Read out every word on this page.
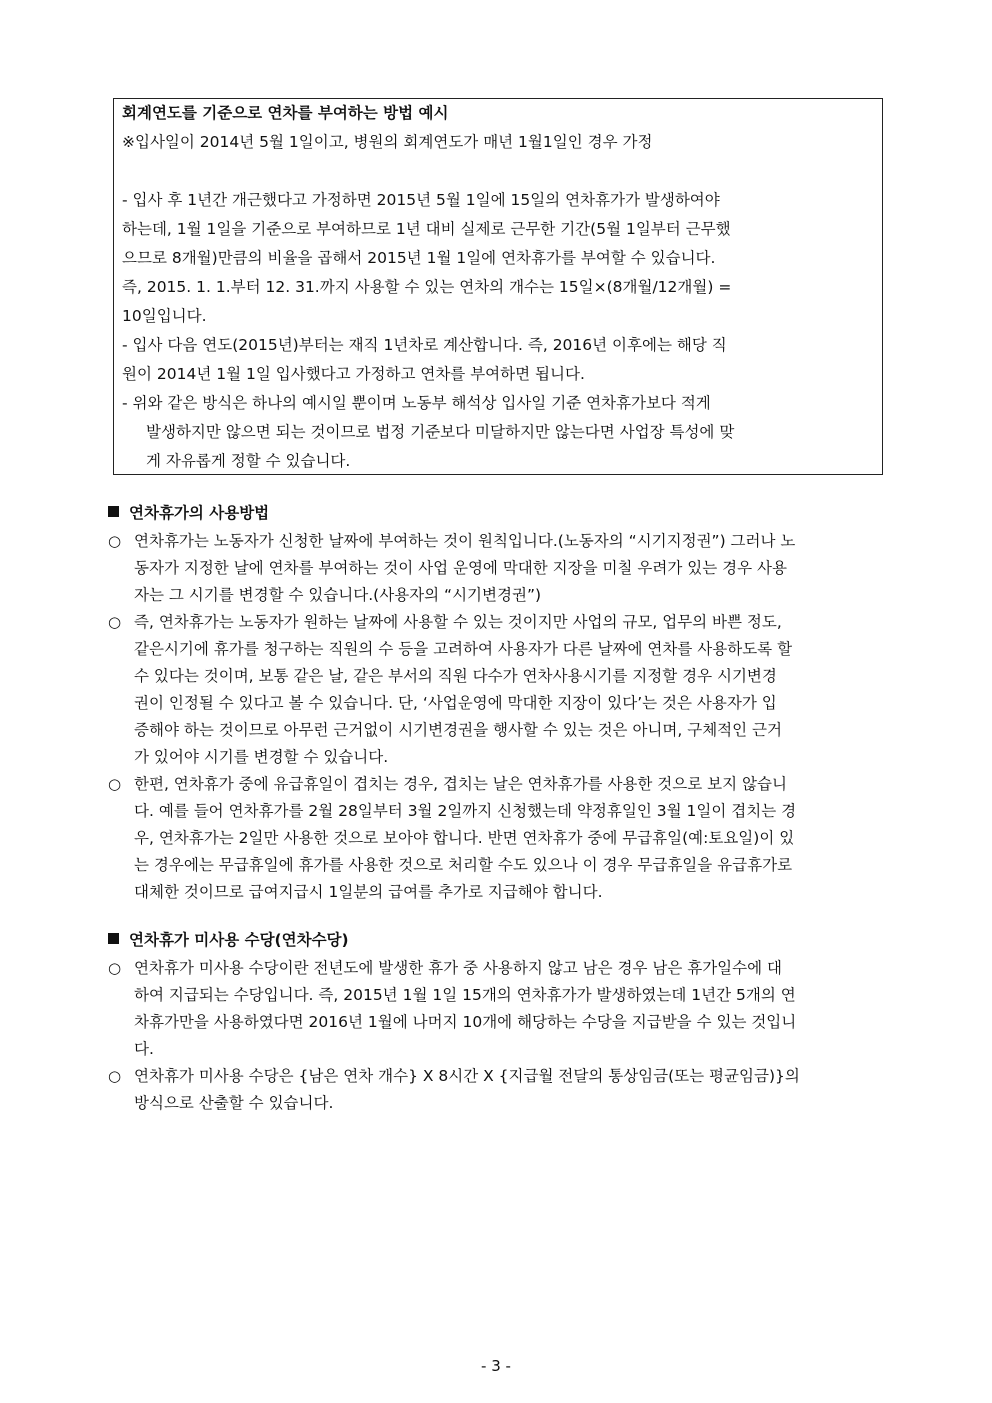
회계연도를 기준으로 연차를 부여하는 방법 예시
※입사일이 2014년 5월 1일이고, 병원의 회계연도가 매년 1월1일인 경우 가정

- 입사 후 1년간 개근했다고 가정하면 2015년 5월 1일에 15일의 연차휴가가 발생하여야
하는데, 1월 1일을 기준으로 부여하므로 1년 대비 실제로 근무한 기간(5월 1일부터 근무했
으므로 8개월)만큼의 비율을 곱해서 2015년 1월 1일에 연차휴가를 부여할 수 있습니다.
즉, 2015. 1. 1.부터 12. 31.까지 사용할 수 있는 연차의 개수는 15일×(8개월/12개월) =
10일입니다.
- 입사 다음 연도(2015년)부터는 재직 1년차로 계산합니다. 즉, 2016년 이후에는 해당 직
원이 2014년 1월 1일 입사했다고 가정하고 연차를 부여하면 됩니다.
- 위와 같은 방식은 하나의 예시일 뿐이며 노동부 해석상 입사일 기준 연차휴가보다 적게
발생하지만 않으면 되는 것이므로 법정 기준보다 미달하지만 않는다면 사업장 특성에 맞
게 자유롭게 정할 수 있습니다.
연차휴가의 사용방법
○ 연차휴가는 노동자가 신청한 날짜에 부여하는 것이 원칙입니다.(노동자의 “시기지정권”) 그러나 노
동자가 지정한 날에 연차를 부여하는 것이 사업 운영에 막대한 지장을 미칠 우려가 있는 경우 사용
자는 그 시기를 변경할 수 있습니다.(사용자의 “시기변경권”)
○ 즉, 연차휴가는 노동자가 원하는 날짜에 사용할 수 있는 것이지만 사업의 규모, 업무의 바쁜 정도,
같은시기에 휴가를 청구하는 직원의 수 등을 고려하여 사용자가 다른 날짜에 연차를 사용하도록 할
수 있다는 것이며, 보통 같은 날, 같은 부서의 직원 다수가 연차사용시기를 지정할 경우 시기변경
권이 인정될 수 있다고 볼 수 있습니다. 단, ‘사업운영에 막대한 지장이 있다’는 것은 사용자가 입
증해야 하는 것이므로 아무런 근거없이 시기변경권을 행사할 수 있는 것은 아니며, 구체적인 근거
가 있어야 시기를 변경할 수 있습니다.
○ 한편, 연차휴가 중에 유급휴일이 겹치는 경우, 겹치는 날은 연차휴가를 사용한 것으로 보지 않습니
다. 예를 들어 연차휴가를 2월 28일부터 3월 2일까지 신청했는데 약정휴일인 3월 1일이 겹치는 경
우, 연차휴가는 2일만 사용한 것으로 보아야 합니다. 반면 연차휴가 중에 무급휴일(예:토요일)이 있
는 경우에는 무급휴일에 휴가를 사용한 것으로 처리할 수도 있으나 이 경우 무급휴일을 유급휴가로
대체한 것이므로 급여지급시 1일분의 급여를 추가로 지급해야 합니다.
연차휴가 미사용 수당(연차수당)
○ 연차휴가 미사용 수당이란 전년도에 발생한 휴가 중 사용하지 않고 남은 경우 남은 휴가일수에 대
하여 지급되는 수당입니다. 즉, 2015년 1월 1일 15개의 연차휴가가 발생하였는데 1년간 5개의 연
차휴가만을 사용하였다면 2016년 1월에 나머지 10개에 해당하는 수당을 지급받을 수 있는 것입니
다.
○ 연차휴가 미사용 수당은 {남은 연차 개수} X 8시간 X {지급월 전달의 통상임금(또는 평균임금)}의
방식으로 산출할 수 있습니다.
- 3 -
